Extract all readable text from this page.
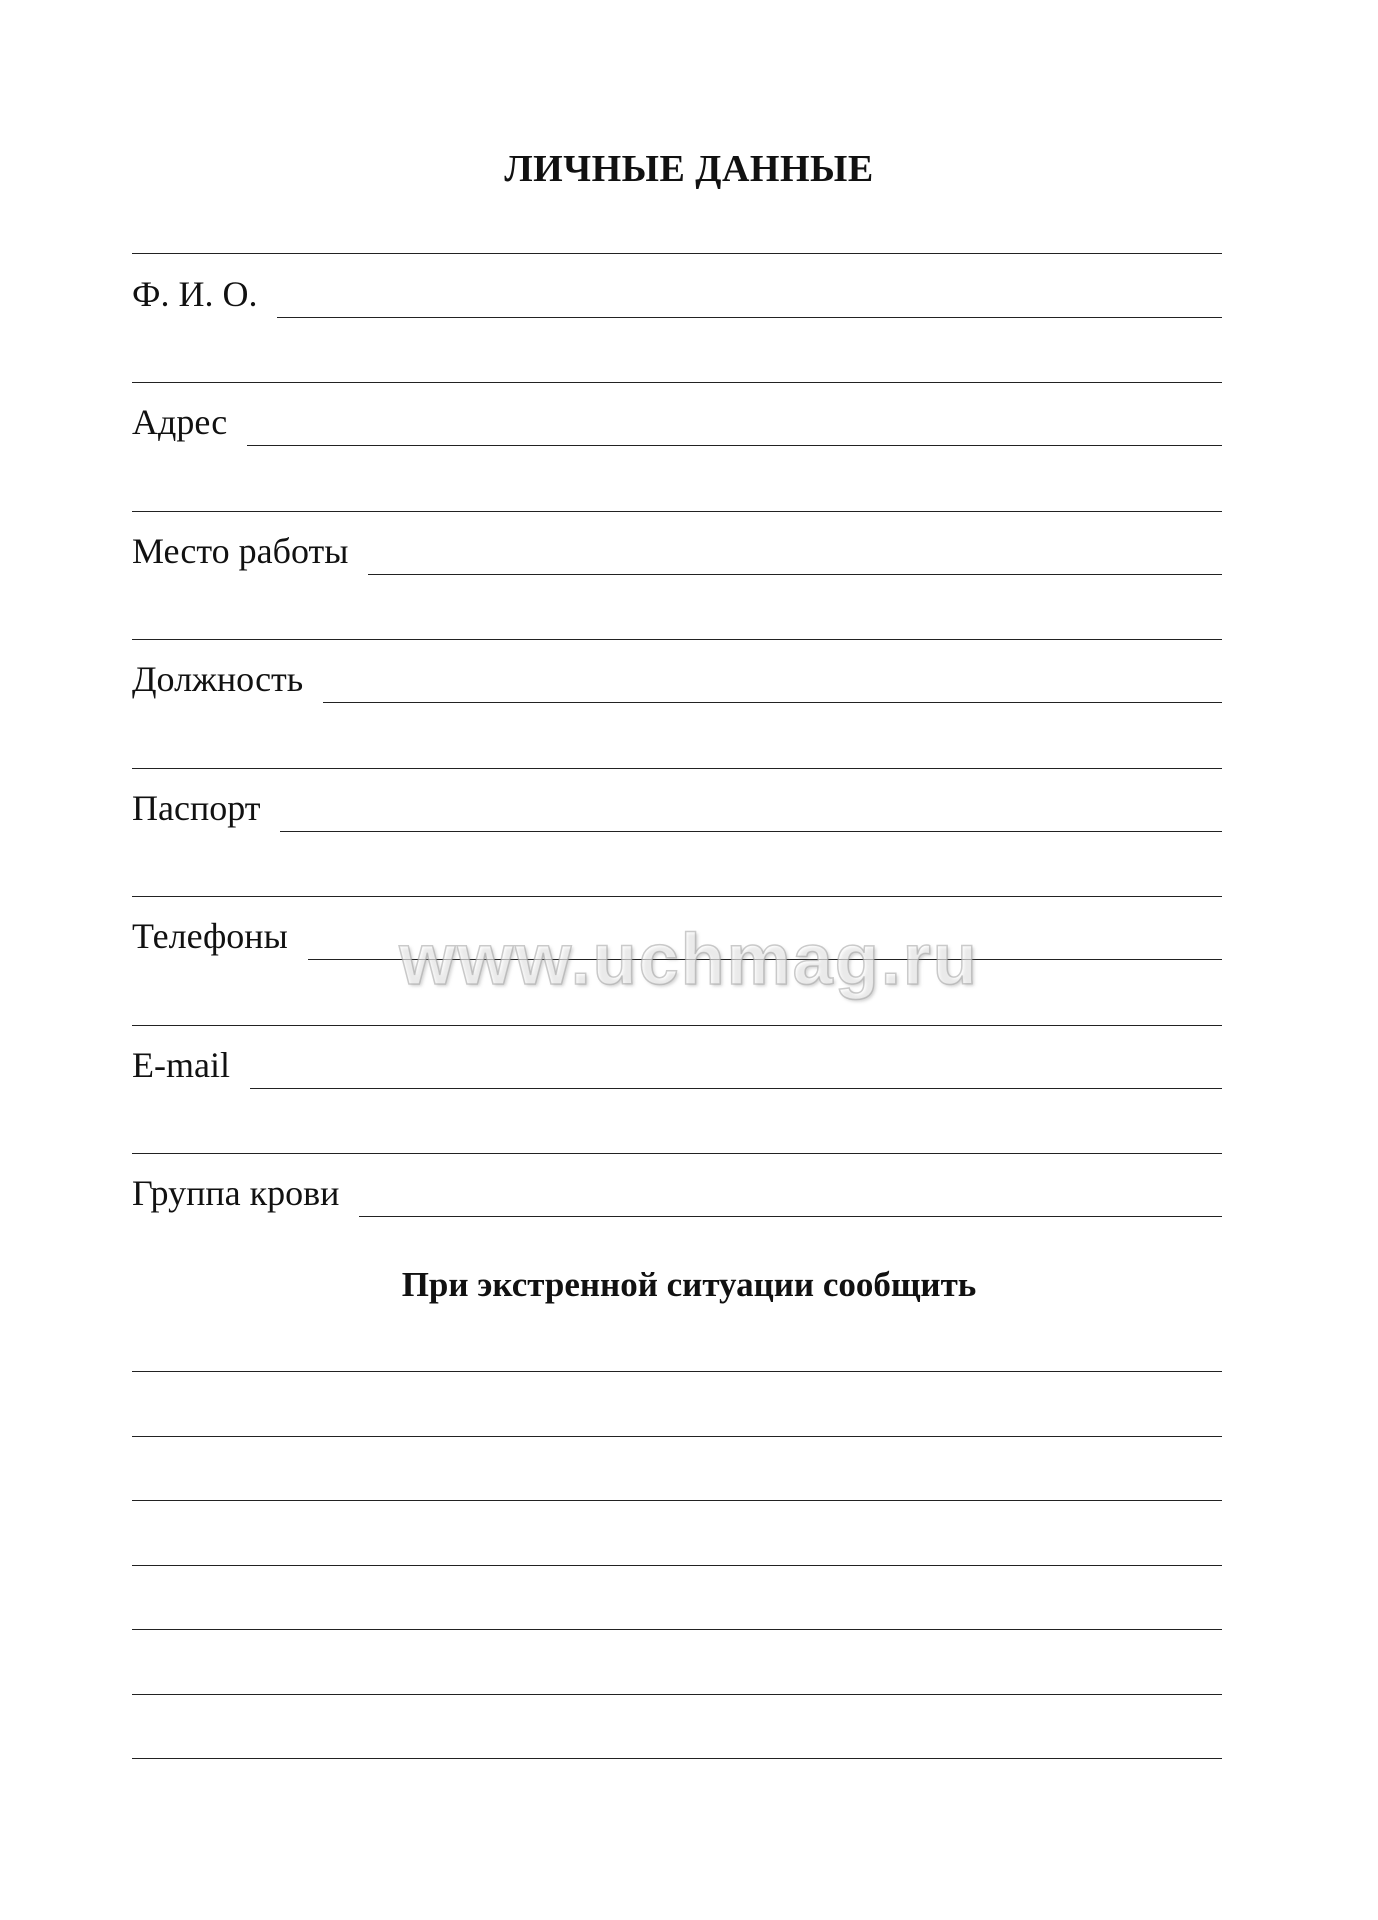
ЛИЧНЫЕ ДАННЫЕ
Ф. И. О.
Адрес
Место работы
Должность
Паспорт
Телефоны
E-mail
Группа крови
При экстренной ситуации сообщить
www.uchmag.ru
